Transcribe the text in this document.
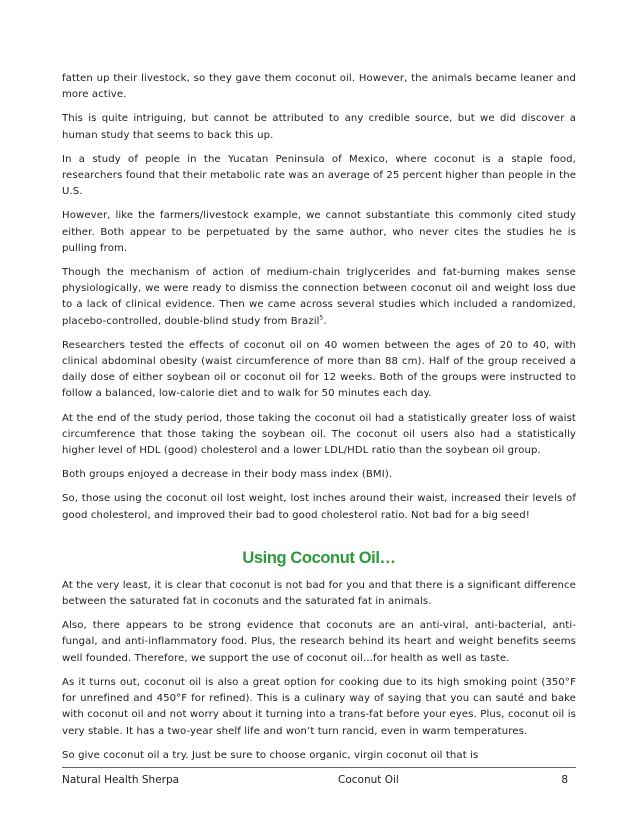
fatten up their livestock, so they gave them coconut oil. However, the animals became leaner and more active.

This is quite intriguing, but cannot be attributed to any credible source, but we did discover a human study that seems to back this up.

In a study of people in the Yucatan Peninsula of Mexico, where coconut is a staple food, researchers found that their metabolic rate was an average of 25 percent higher than people in the U.S.

However, like the farmers/livestock example, we cannot substantiate this commonly cited study either. Both appear to be perpetuated by the same author, who never cites the studies he is pulling from.

Though the mechanism of action of medium-chain triglycerides and fat-burning makes sense physiologically, we were ready to dismiss the connection between coconut oil and weight loss due to a lack of clinical evidence. Then we came across several studies which included a randomized, placebo-controlled, double-blind study from Brazil$^5$.

Researchers tested the effects of coconut oil on 40 women between the ages of 20 to 40, with clinical abdominal obesity (waist circumference of more than 88 cm). Half of the group received a daily dose of either soybean oil or coconut oil for 12 weeks. Both of the groups were instructed to follow a balanced, low-calorie diet and to walk for 50 minutes each day.

At the end of the study period, those taking the coconut oil had a statistically greater loss of waist circumference that those taking the soybean oil. The coconut oil users also had a statistically higher level of HDL (good) cholesterol and a lower LDL/HDL ratio than the soybean oil group.

Both groups enjoyed a decrease in their body mass index (BMI).

So, those using the coconut oil lost weight, lost inches around their waist, increased their levels of good cholesterol, and improved their bad to good cholesterol ratio. Not bad for a big seed!

Using Coconut Oil…

At the very least, it is clear that coconut is not bad for you and that there is a significant difference between the saturated fat in coconuts and the saturated fat in animals.

Also, there appears to be strong evidence that coconuts are an anti-viral, anti-bacterial, anti-fungal, and anti-inflammatory food. Plus, the research behind its heart and weight benefits seems well founded. Therefore, we support the use of coconut oil…for health as well as taste.

As it turns out, coconut oil is also a great option for cooking due to its high smoking point (350°F for unrefined and 450°F for refined). This is a culinary way of saying that you can sauté and bake with coconut oil and not worry about it turning into a trans-fat before your eyes. Plus, coconut oil is very stable. It has a two-year shelf life and won’t turn rancid, even in warm temperatures.

So give coconut oil a try. Just be sure to choose organic, virgin coconut oil that is

Natural Health Sherpa	Coconut Oil	8
